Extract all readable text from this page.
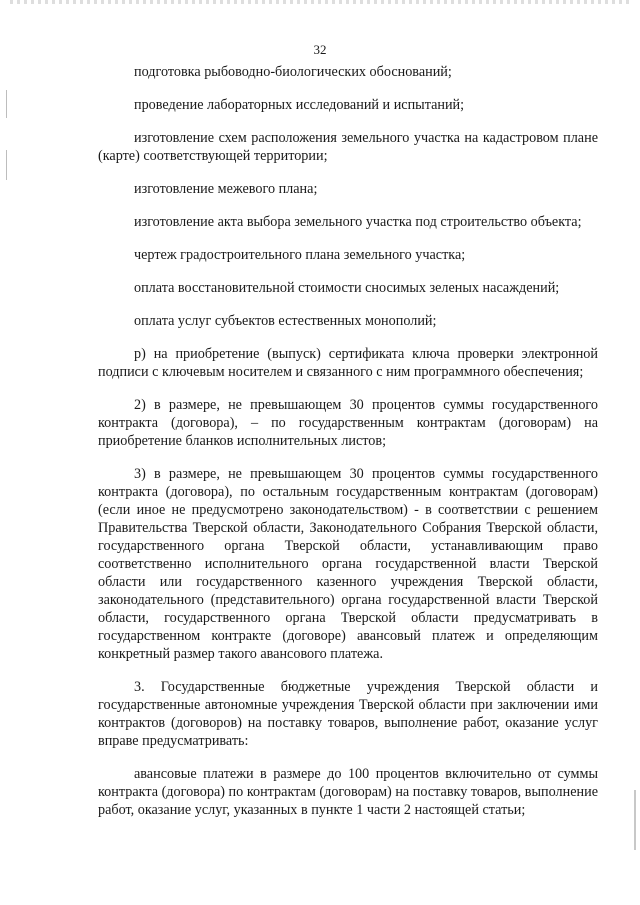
32

подготовка рыбоводно-биологических обоснований;

проведение лабораторных исследований и испытаний;

изготовление схем расположения земельного участка на кадастровом плане (карте) соответствующей территории;

изготовление межевого плана;

изготовление акта выбора земельного участка под строительство объекта;

чертеж градостроительного плана земельного участка;

оплата восстановительной стоимости сносимых зеленых насаждений;

оплата услуг субъектов естественных монополий;

р) на приобретение (выпуск) сертификата ключа проверки электронной подписи с ключевым носителем и связанного с ним программного обеспечения;

2) в размере, не превышающем 30 процентов суммы государственного контракта (договора), – по государственным контрактам (договорам) на приобретение бланков исполнительных листов;

3) в размере, не превышающем 30 процентов суммы государственного контракта (договора), по остальным государственным контрактам (договорам) (если иное не предусмотрено законодательством) - в соответствии с решением Правительства Тверской области, Законодательного Собрания Тверской области, государственного органа Тверской области, устанавливающим право соответственно исполнительного органа государственной власти Тверской области или государственного казенного учреждения Тверской области, законодательного (представительного) органа государственной власти Тверской области, государственного органа Тверской области предусматривать в государственном контракте (договоре) авансовый платеж и определяющим конкретный размер такого авансового платежа.

3. Государственные бюджетные учреждения Тверской области и государственные автономные учреждения Тверской области при заключении ими контрактов (договоров) на поставку товаров, выполнение работ, оказание услуг вправе предусматривать:

авансовые платежи в размере до 100 процентов включительно от суммы контракта (договора) по контрактам (договорам) на поставку товаров, выполнение работ, оказание услуг, указанных в пункте 1 части 2 настоящей статьи;
